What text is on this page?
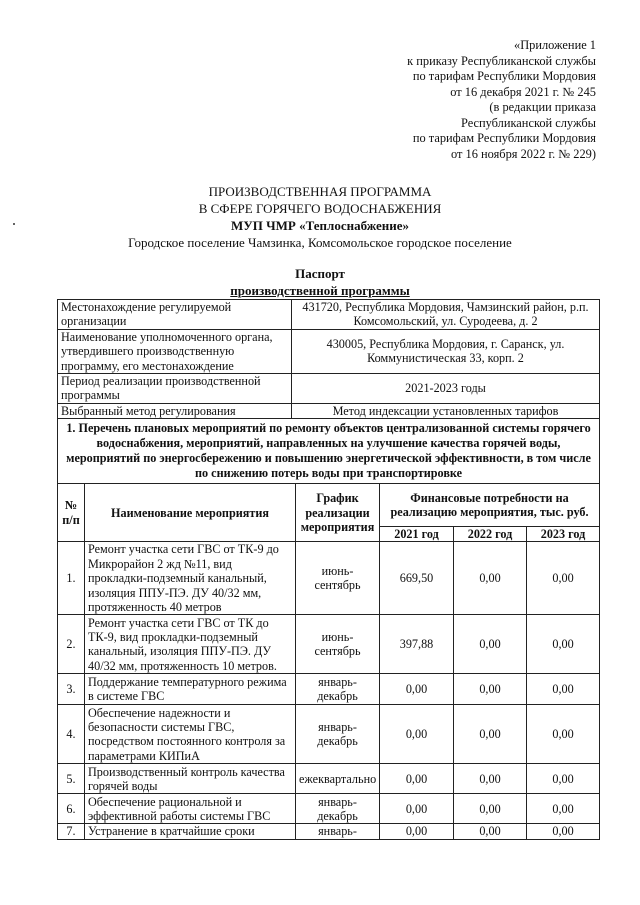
«Приложение 1
к приказу Республиканской службы
по тарифам Республики Мордовия
от 16 декабря 2021 г. № 245
(в редакции приказа
Республиканской службы
по тарифам Республики Мордовия
от 16 ноября 2022 г. № 229)
ПРОИЗВОДСТВЕННАЯ ПРОГРАММА
В СФЕРЕ ГОРЯЧЕГО ВОДОСНАБЖЕНИЯ
МУП ЧМР «Теплоснабжение»
Городское поселение Чамзинка, Комсомольское городское поселение
Паспорт
производственной программы
Местонахождение регулируемой организации	431720, Республика Мордовия, Чамзинский район, р.п. Комсомольский, ул. Суродеева, д. 2
Наименование уполномоченного органа, утвердившего производственную программу, его местонахождение	430005, Республика Мордовия, г. Саранск, ул. Коммунистическая 33, корп. 2
Период реализации производственной программы	2021-2023 годы
Выбранный метод регулирования	Метод индексации установленных тарифов
1. Перечень плановых мероприятий по ремонту объектов централизованной системы горячего водоснабжения, мероприятий, направленных на улучшение качества горячей воды, мероприятий по энергосбережению и повышению энергетической эффективности, в том числе по снижению потерь воды при транспортировке					
№ п/п	Наименование мероприятия	График реализации мероприятия	Финансовые потребности на реализацию мероприятия, тыс. руб.		
			2021 год	2022 год	2023 год
1.	Ремонт участка сети ГВС от ТК-9 до Микрорайон 2 жд №11, вид прокладки-подземный канальный, изоляция ППУ-ПЭ. ДУ 40/32 мм, протяженность 40 метров	июнь-сентябрь	669,50	0,00	0,00
2.	Ремонт участка сети ГВС от ТК до ТК-9, вид прокладки-подземный канальный, изоляция ППУ-ПЭ. ДУ 40/32 мм, протяженность 10 метров.	июнь-сентябрь	397,88	0,00	0,00
3.	Поддержание температурного режима в системе ГВС	январь-декабрь	0,00	0,00	0,00
4.	Обеспечение надежности и безопасности системы ГВС, посредством постоянного контроля за параметрами КИПиА	январь-декабрь	0,00	0,00	0,00
5.	Производственный контроль качества горячей воды	ежеквартально	0,00	0,00	0,00
6.	Обеспечение рациональной и эффективной работы системы ГВС	январь-декабрь	0,00	0,00	0,00
7.	Устранение в кратчайшие сроки	январь-	0,00	0,00	0,00
